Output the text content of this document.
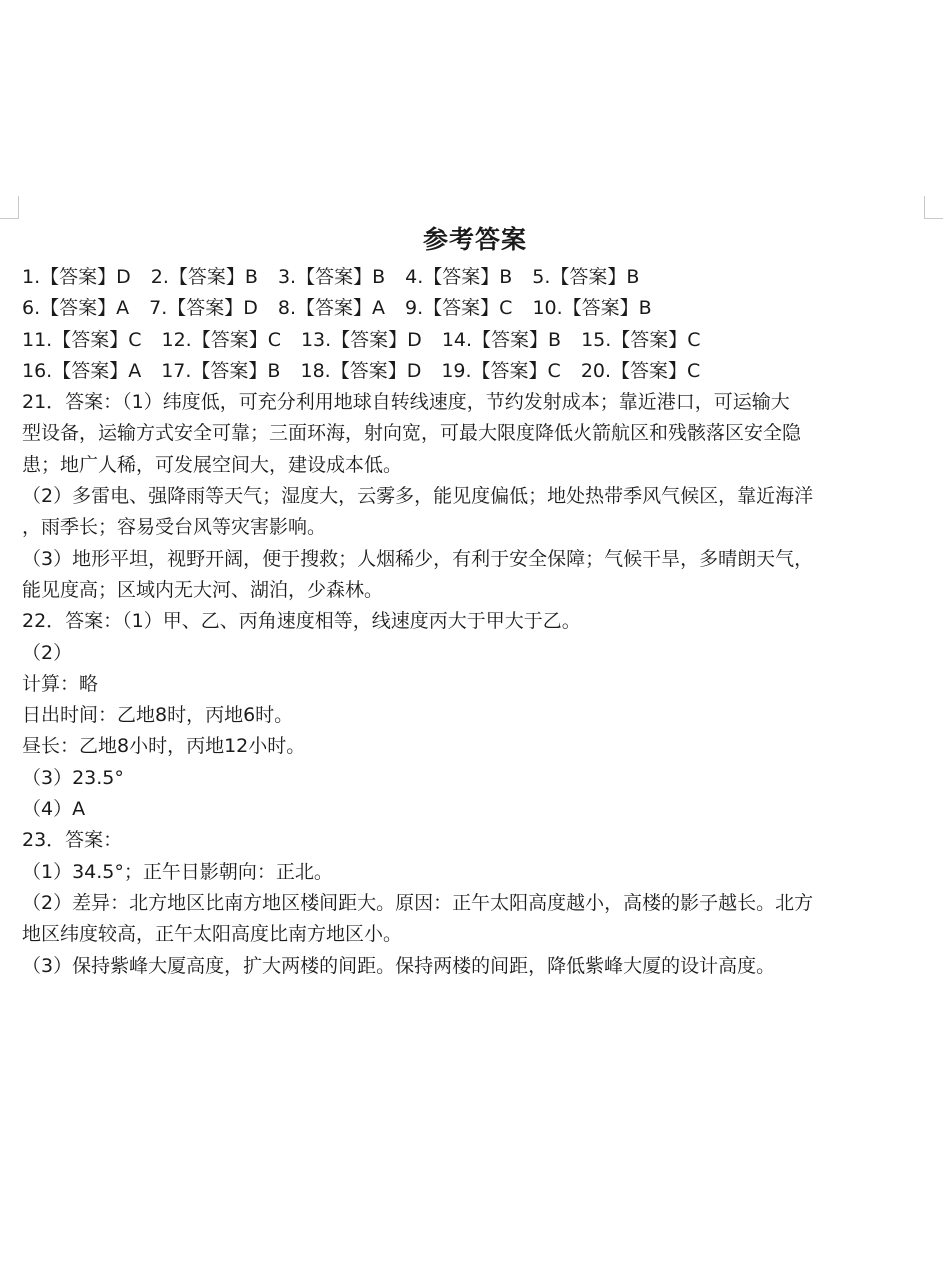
参考答案
1.【答案】D 2.【答案】B 3.【答案】B 4.【答案】B 5.【答案】B
6.【答案】A 7.【答案】D 8.【答案】A 9.【答案】C 10.【答案】B
11.【答案】C 12.【答案】C 13.【答案】D 14.【答案】B 15.【答案】C
16.【答案】A 17.【答案】B 18.【答案】D 19.【答案】C 20.【答案】C

21．答案：（1）纬度低，可充分利用地球自转线速度，节约发射成本；靠近港口，可运输大

型设备，运输方式安全可靠；三面环海，射向宽，可最大限度降低火箭航区和残骸落区安全隐

患；地广人稀，可发展空间大，建设成本低。

（2）多雷电、强降雨等天气；湿度大，云雾多，能见度偏低；地处热带季风气候区，靠近海洋

，雨季长；容易受台风等灾害影响。

（3）地形平坦，视野开阔，便于搜救；人烟稀少，有利于安全保障；气候干旱，多晴朗天气，

能见度高；区域内无大河、湖泊，少森林。

22．答案：（1）甲、乙、丙角速度相等，线速度丙大于甲大于乙。

（2）

计算：略

日出时间：乙地8时，丙地6时。

昼长：乙地8小时，丙地12小时。

（3）23.5°

（4）A

23．答案：

（1）34.5°；正午日影朝向：正北。

（2）差异：北方地区比南方地区楼间距大。原因：正午太阳高度越小，高楼的影子越长。北方

地区纬度较高，正午太阳高度比南方地区小。

（3）保持紫峰大厦高度，扩大两楼的间距。保持两楼的间距，降低紫峰大厦的设计高度。
